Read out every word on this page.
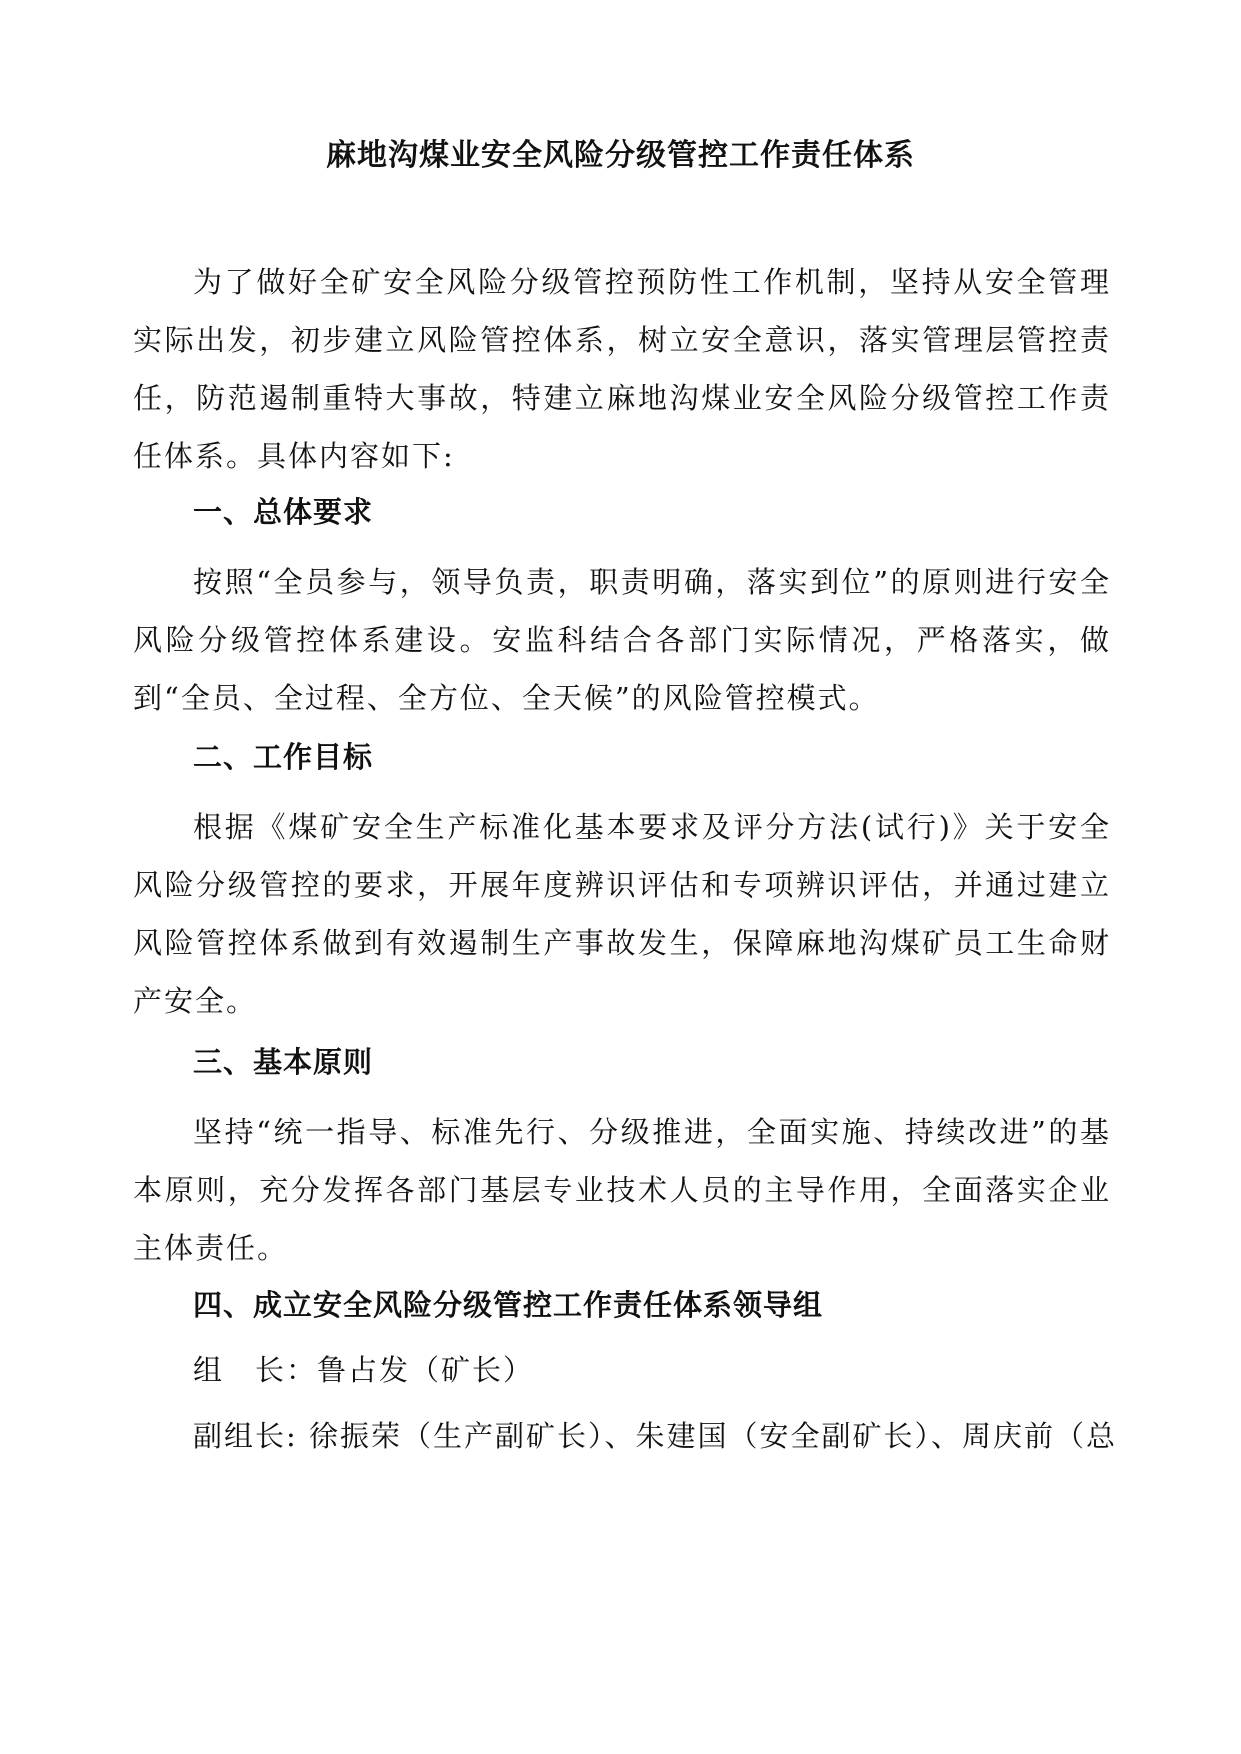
麻地沟煤业安全风险分级管控工作责任体系

为了做好全矿安全风险分级管控预防性工作机制，坚持从安全管理实际出发，初步建立风险管控体系，树立安全意识，落实管理层管控责任，防范遏制重特大事故，特建立麻地沟煤业安全风险分级管控工作责任体系。具体内容如下:

一、总体要求

按照“全员参与，领导负责，职责明确，落实到位”的原则进行安全风险分级管控体系建设。安监科结合各部门实际情况，严格落实，做到“全员、全过程、全方位、全天候”的风险管控模式。

二、工作目标

根据《煤矿安全生产标准化基本要求及评分方法(试行)》关于安全风险分级管控的要求，开展年度辨识评估和专项辨识评估，并通过建立风险管控体系做到有效遏制生产事故发生，保障麻地沟煤矿员工生命财产安全。

三、基本原则

坚持“统一指导、标准先行、分级推进，全面实施、持续改进”的基本原则，充分发挥各部门基层专业技术人员的主导作用，全面落实企业主体责任。

四、成立安全风险分级管控工作责任体系领导组

组　长：鲁占发（矿长）

副组长: 徐振荣（生产副矿长）、朱建国（安全副矿长）、周庆前（总
